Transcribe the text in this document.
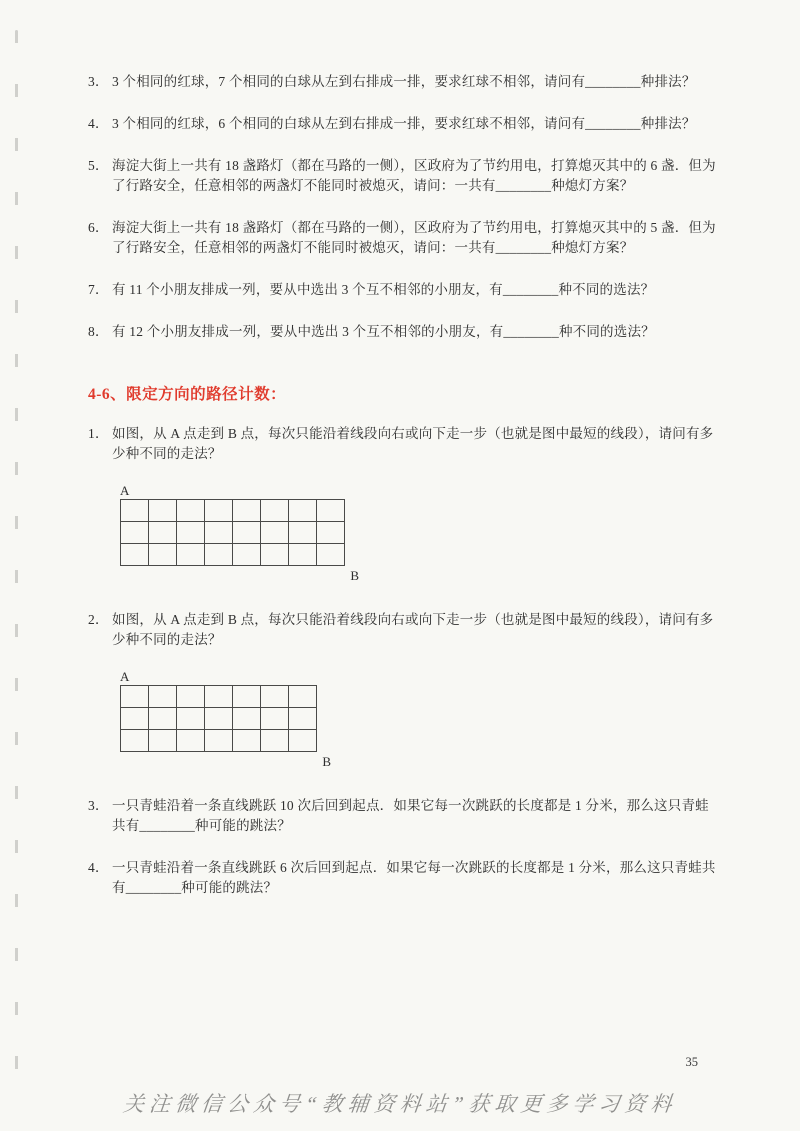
3． 3 个相同的红球，7 个相同的白球从左到右排成一排，要求红球不相邻，请问有________种排法？
4． 3 个相同的红球，6 个相同的白球从左到右排成一排，要求红球不相邻，请问有________种排法？
5． 海淀大街上一共有 18 盏路灯（都在马路的一侧），区政府为了节约用电，打算熄灭其中的 6 盏．但为了行路安全，任意相邻的两盏灯不能同时被熄灭，请问：一共有________种熄灯方案？
6． 海淀大街上一共有 18 盏路灯（都在马路的一侧），区政府为了节约用电，打算熄灭其中的 5 盏．但为了行路安全，任意相邻的两盏灯不能同时被熄灭，请问：一共有________种熄灯方案？
7． 有 11 个小朋友排成一列，要从中选出 3 个互不相邻的小朋友，有________种不同的选法？
8． 有 12 个小朋友排成一列，要从中选出 3 个互不相邻的小朋友，有________种不同的选法？
4-6、限定方向的路径计数：
1． 如图，从 A 点走到 B 点，每次只能沿着线段向右或向下走一步（也就是图中最短的线段），请问有多少种不同的走法？
A
B
2． 如图，从 A 点走到 B 点，每次只能沿着线段向右或向下走一步（也就是图中最短的线段），请问有多少种不同的走法？
A
B
3． 一只青蛙沿着一条直线跳跃 10 次后回到起点．如果它每一次跳跃的长度都是 1 分米，那么这只青蛙共有________种可能的跳法？
4． 一只青蛙沿着一条直线跳跃 6 次后回到起点．如果它每一次跳跃的长度都是 1 分米，那么这只青蛙共有________种可能的跳法？
35
关注微信公众号“教辅资料站”获取更多学习资料
